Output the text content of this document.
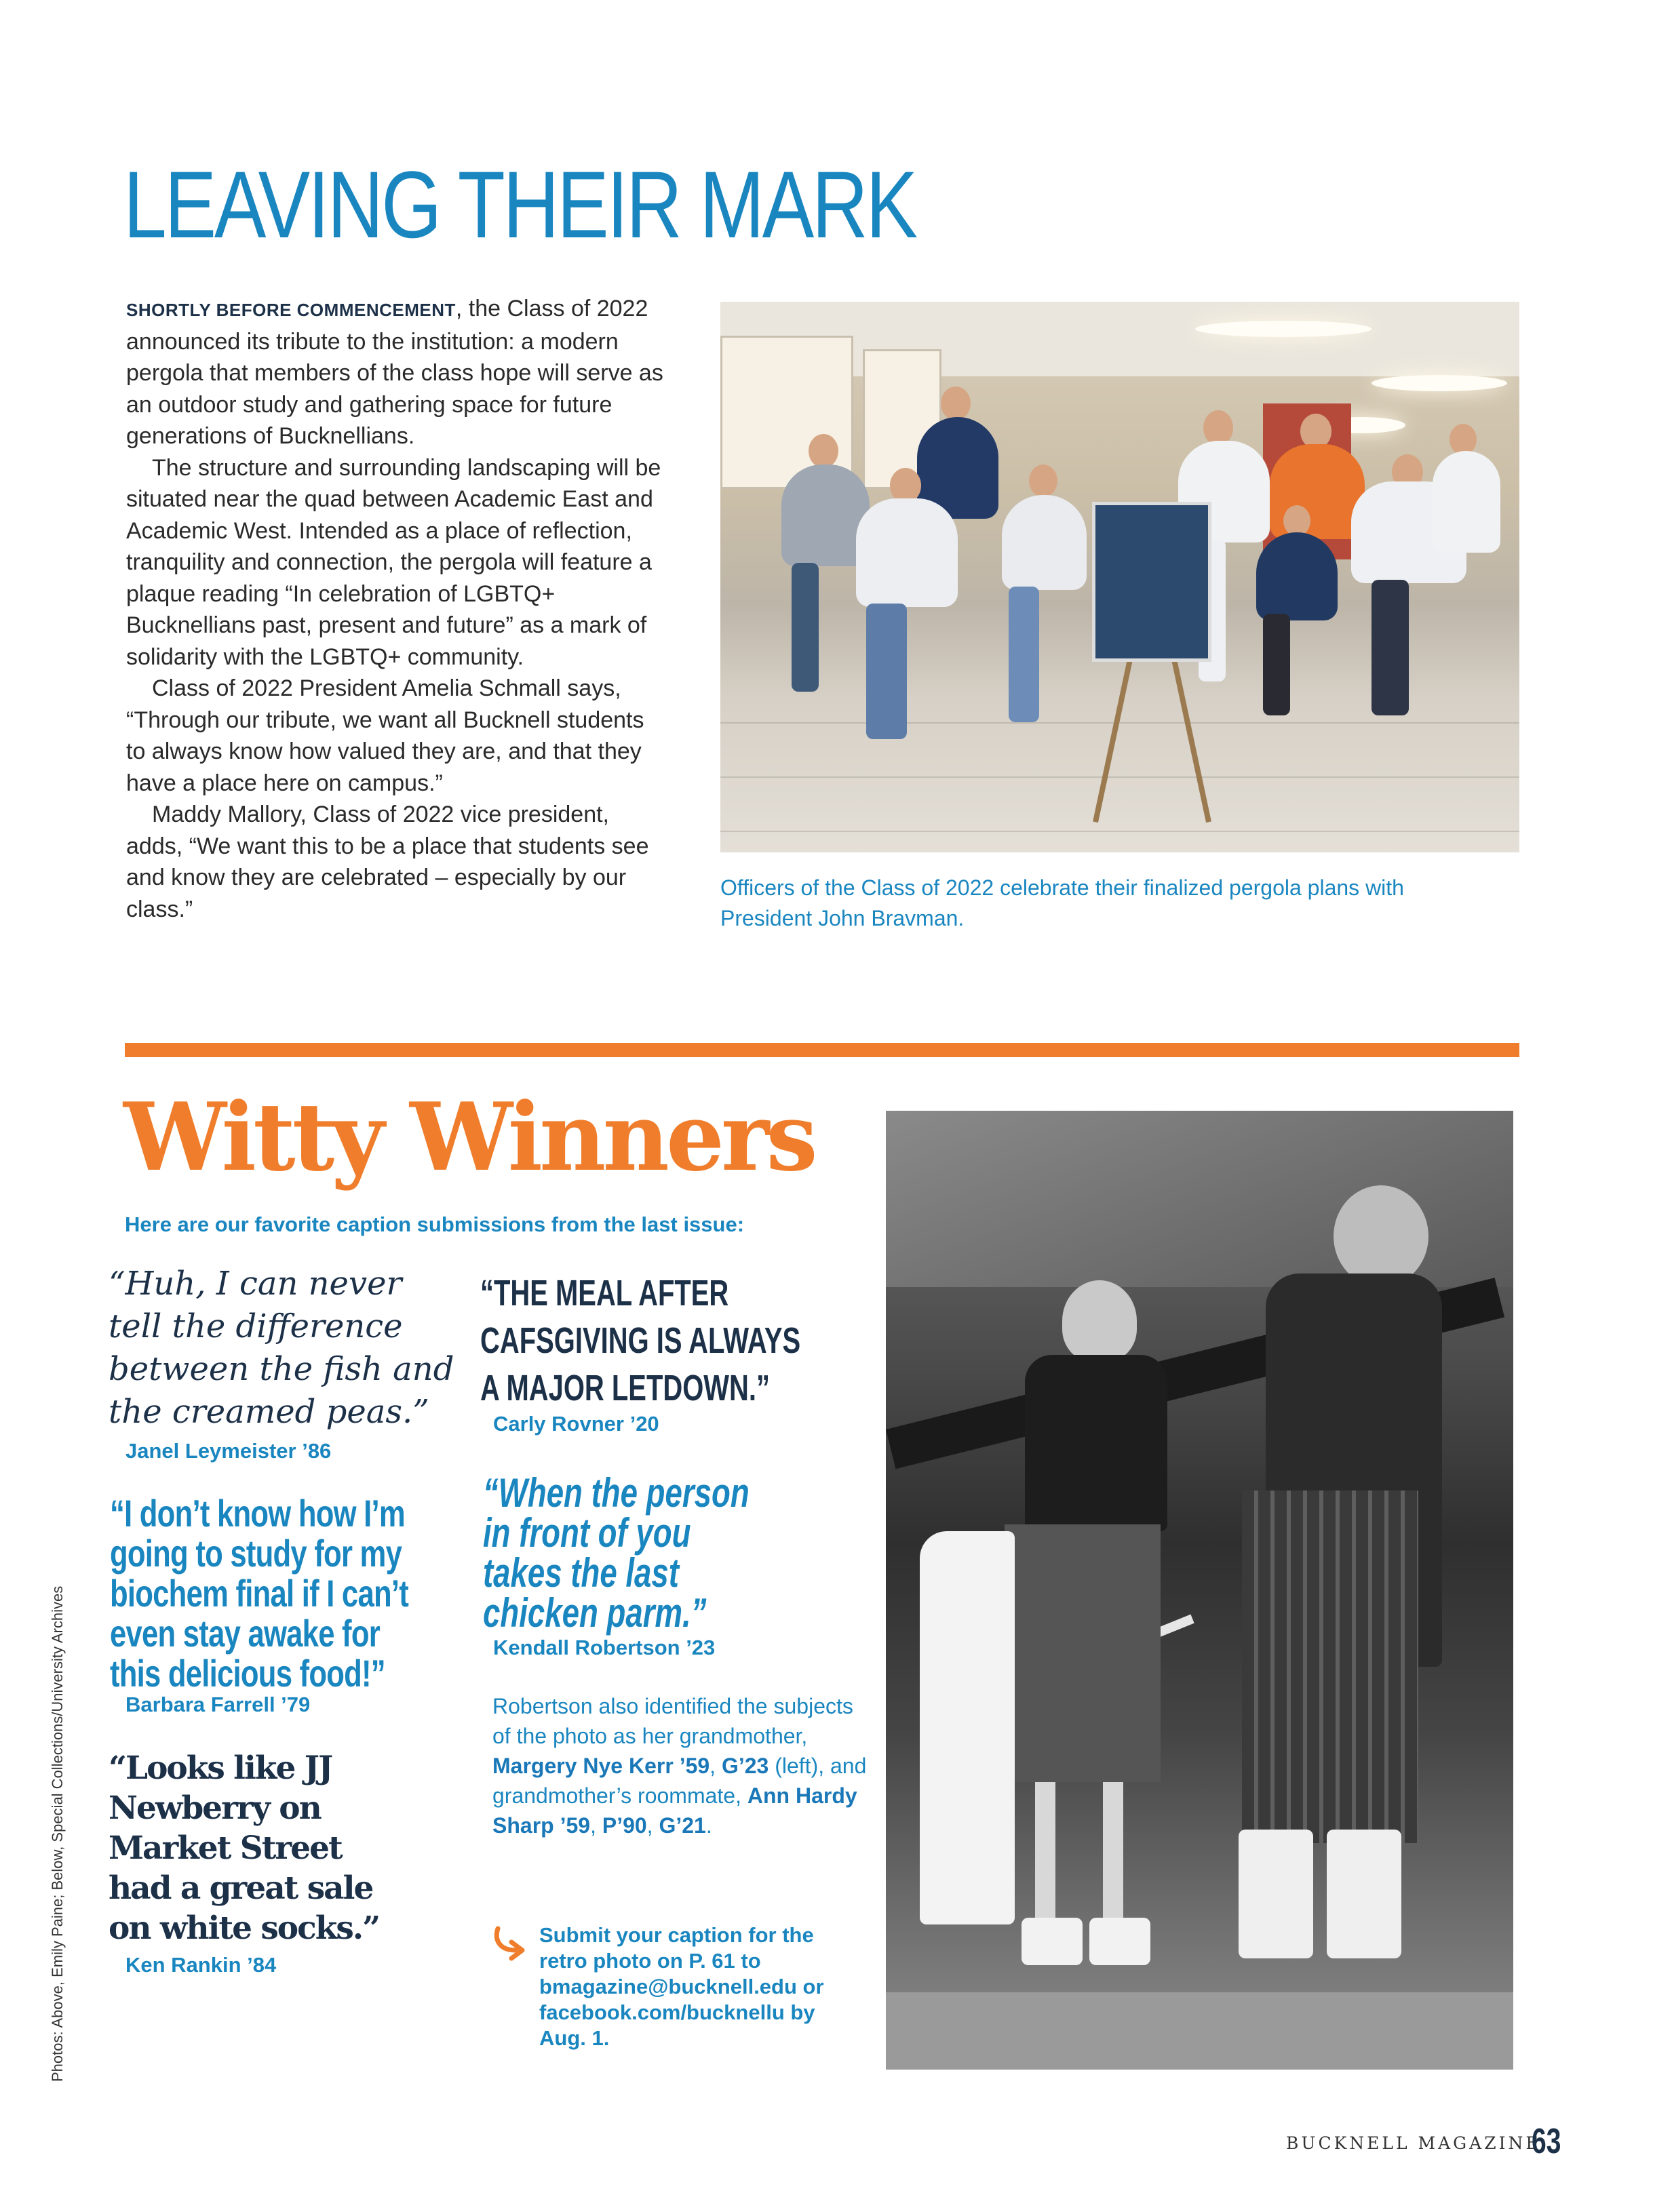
LEAVING THEIR MARK

SHORTLY BEFORE COMMENCEMENT, the Class of 2022 announced its tribute to the institution: a modern pergola that members of the class hope will serve as an outdoor study and gathering space for future generations of Bucknellians.

The structure and surrounding landscaping will be situated near the quad between Academic East and Academic West. Intended as a place of reflection, tranquility and connection, the pergola will feature a plaque reading “In celebration of LGBTQ+ Bucknellians past, present and future” as a mark of solidarity with the LGBTQ+ community.

Class of 2022 President Amelia Schmall says, “Through our tribute, we want all Bucknell students to always know how valued they are, and that they have a place here on campus.”

Maddy Mallory, Class of 2022 vice president, adds, “We want this to be a place that students see and know they are celebrated – especially by our class.”

Officers of the Class of 2022 celebrate their finalized pergola plans with President John Bravman.
Witty Winners
Here are our favorite caption submissions from the last issue:
“Huh, I can never
tell the difference
between the fish and
the creamed peas.”
Janel Leymeister ’86
“I don’t know how I’m
going to study for my
biochem final if I can’t
even stay awake for
this delicious food!”
Barbara Farrell ’79
“Looks like JJ
Newberry on
Market Street
had a great sale
on white socks.”
Ken Rankin ’84
“THE MEAL AFTER
CAFSGIVING IS ALWAYS
A MAJOR LETDOWN.”
Carly Rovner ’20
“When the person
in front of you
takes the last
chicken parm.”
Kendall Robertson ’23
Robertson also identified the subjects of the photo as her grandmother, Margery Nye Kerr ’59, G’23 (left), and grandmother’s roommate, Ann Hardy Sharp ’59, P’90, G’21.
Submit your caption for the retro photo on P. 61 to bmagazine@bucknell.edu or facebook.com/bucknellu by Aug. 1.
Photos: Above, Emily Paine; Below, Special Collections/University Archives
BUCKNELL MAGAZINE
63
